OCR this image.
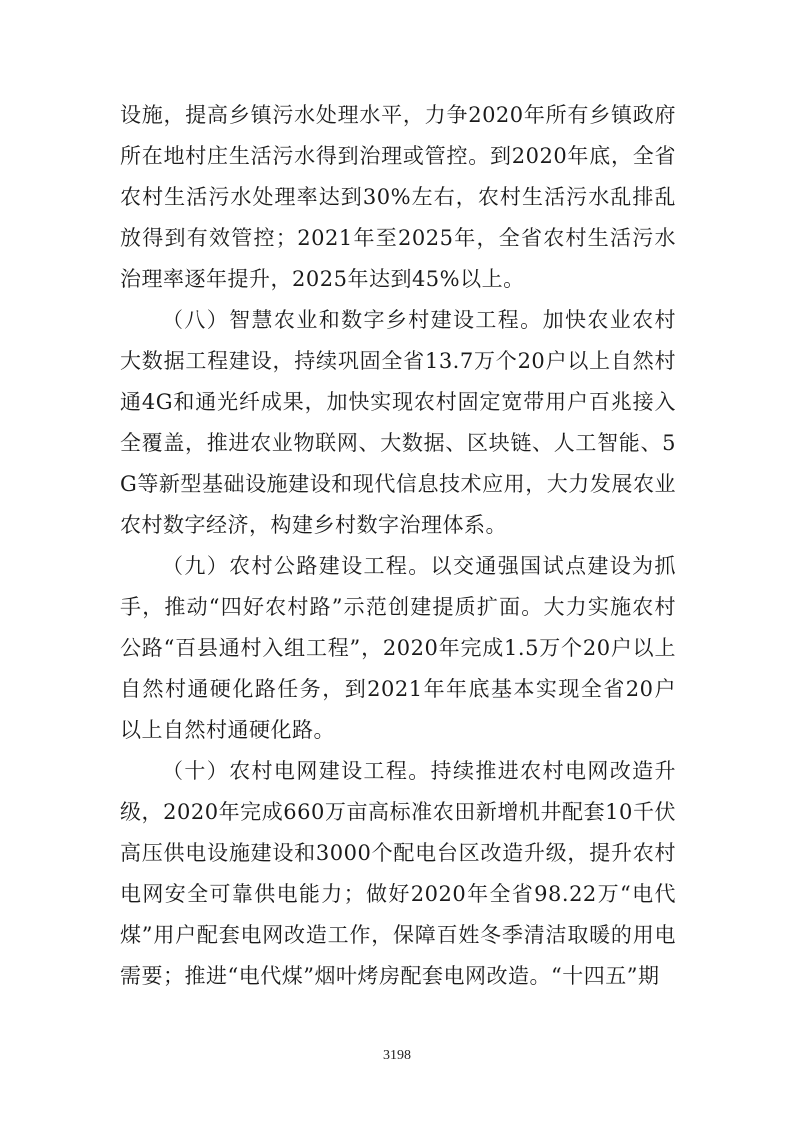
设施，提高乡镇污水处理水平，力争2020年所有乡镇政府所在地村庄生活污水得到治理或管控。到2020年底，全省农村生活污水处理率达到30%左右，农村生活污水乱排乱放得到有效管控；2021年至2025年，全省农村生活污水治理率逐年提升，2025年达到45%以上。

（八）智慧农业和数字乡村建设工程。加快农业农村大数据工程建设，持续巩固全省13.7万个20户以上自然村通4G和通光纤成果，加快实现农村固定宽带用户百兆接入全覆盖，推进农业物联网、大数据、区块链、人工智能、5G等新型基础设施建设和现代信息技术应用，大力发展农业农村数字经济，构建乡村数字治理体系。

（九）农村公路建设工程。以交通强国试点建设为抓手，推动“四好农村路”示范创建提质扩面。大力实施农村公路“百县通村入组工程”，2020年完成1.5万个20户以上自然村通硬化路任务，到2021年年底基本实现全省20户以上自然村通硬化路。

（十）农村电网建设工程。持续推进农村电网改造升级，2020年完成660万亩高标准农田新增机井配套10千伏高压供电设施建设和3000个配电台区改造升级，提升农村电网安全可靠供电能力；做好2020年全省98.22万“电代煤”用户配套电网改造工作，保障百姓冬季清洁取暖的用电需要；推进“电代煤”烟叶烤房配套电网改造。“十四五”期

3198
